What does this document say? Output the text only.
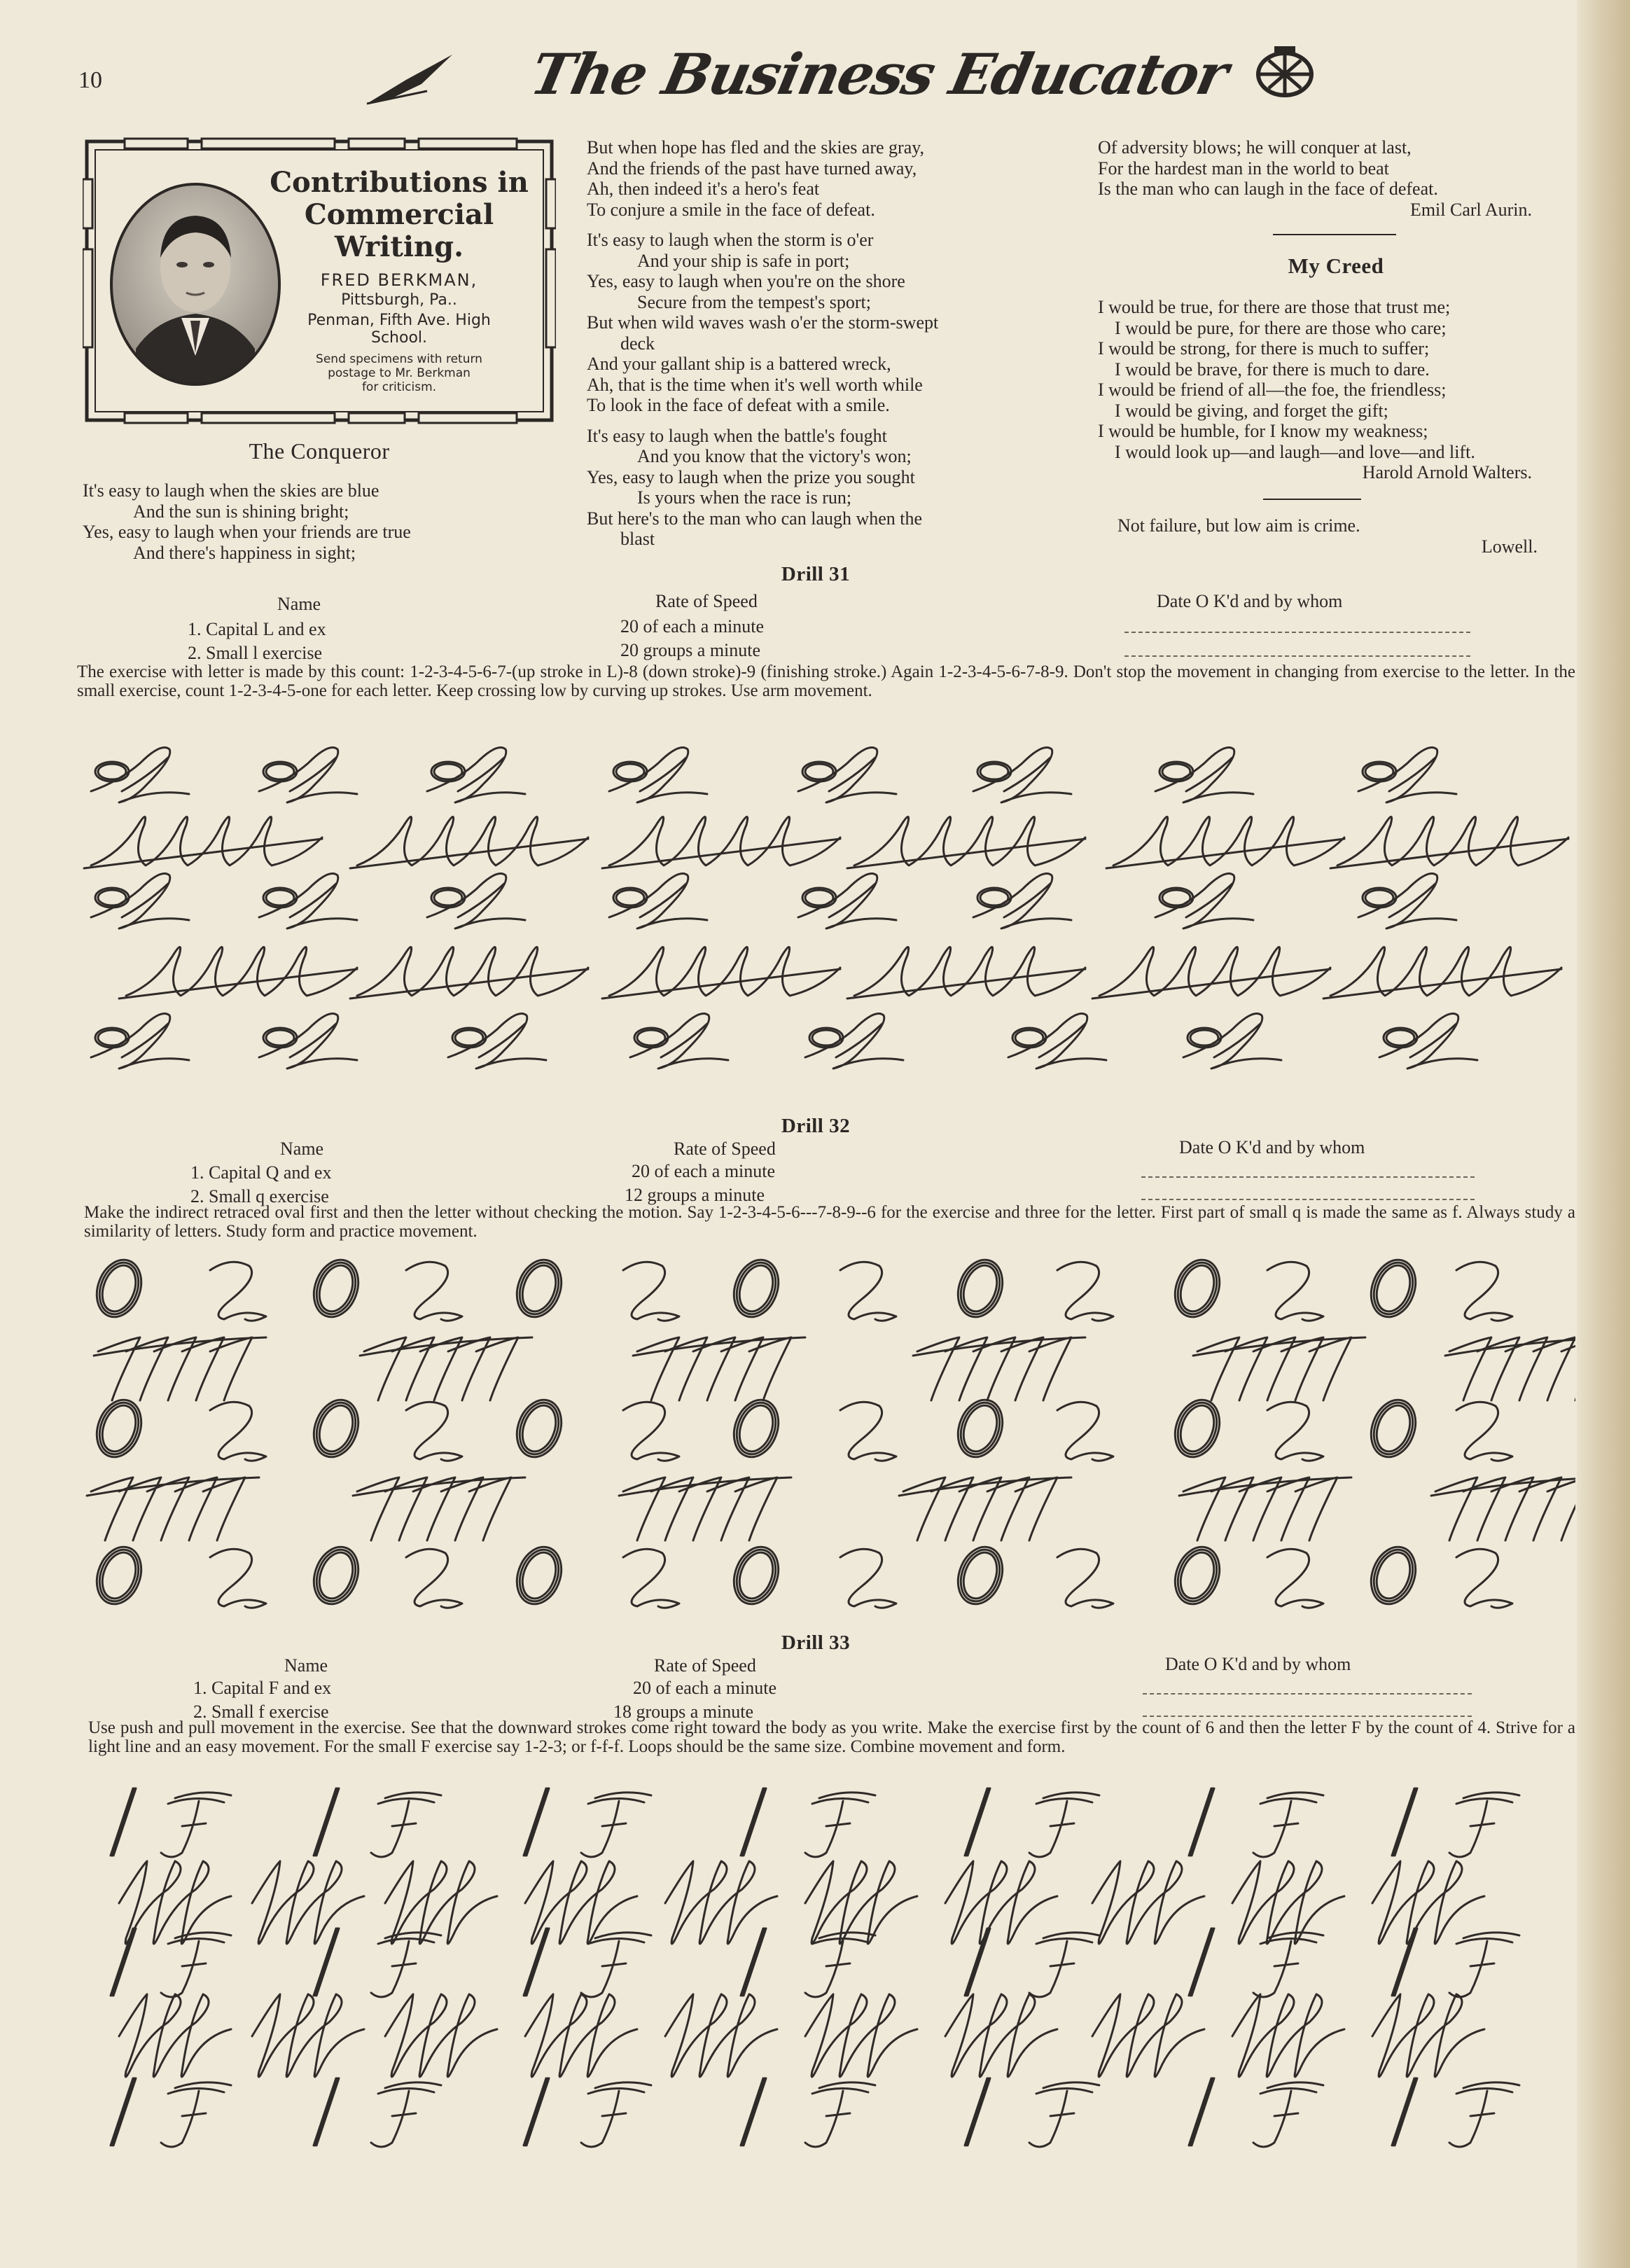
10	The Business Educator
Contributions in Commercial Writing.
FRED BERKMAN,
Pittsburgh, Pa..
Penman, Fifth Ave. High
School.
Send specimens with return
postage to Mr. Berkman
for criticism.
The Conqueror
It's easy to laugh when the skies are blue
And the sun is shining bright;
Yes, easy to laugh when your friends are true
And there's happiness in sight;

But when hope has fled and the skies are gray,
And the friends of the past have turned away,
Ah, then indeed it's a hero's feat
To conjure a smile in the face of defeat.

It's easy to laugh when the storm is o'er
And your ship is safe in port;
Yes, easy to laugh when you're on the shore
Secure from the tempest's sport;
But when wild waves wash o'er the storm-swept
deck
And your gallant ship is a battered wreck,
Ah, that is the time when it's well worth while
To look in the face of defeat with a smile.

It's easy to laugh when the battle's fought
And you know that the victory's won;
Yes, easy to laugh when the prize you sought
Is yours when the race is run;
But here's to the man who can laugh when the
blast

Of adversity blows; he will conquer at last,
For the hardest man in the world to beat
Is the man who can laugh in the face of defeat.
Emil Carl Aurin.
My Creed
I would be true, for there are those that trust me;
I would be pure, for there are those who care;
I would be strong, for there is much to suffer;
I would be brave, for there is much to dare.
I would be friend of all—the foe, the friendless;
I would be giving, and forget the gift;
I would be humble, for I know my weakness;
I would look up—and laugh—and love—and lift.
Harold Arnold Walters.
Not failure, but low aim is crime.
Lowell.
Drill 31
Name	Rate of Speed	Date O K'd and by whom
1. Capital L and ex	20 of each a minute
2. Small l exercise	20 groups a minute
The exercise with letter is made by this count: 1-2-3-4-5-6-7-(up stroke in L)-8 (down stroke)-9 (finishing stroke.) Again 1-2-3-4-5-6-7-8-9. Don't stop the movement in changing from exercise to the letter. In the small exercise, count 1-2-3-4-5-one for each letter. Keep crossing low by curving up strokes. Use arm movement.
Drill 32
Name	Rate of Speed	Date O K'd and by whom
1. Capital Q and ex	20 of each a minute
2. Small q exercise	12 groups a minute
Make the indirect retraced oval first and then the letter without checking the motion. Say 1-2-3-4-5-6---7-8-9--6 for the exercise and three for the letter. First part of small q is made the same as f. Always study a similarity of letters. Study form and practice movement.
Drill 33
Name	Rate of Speed	Date O K'd and by whom
1. Capital F and ex	20 of each a minute
2. Small f exercise	18 groups a minute
Use push and pull movement in the exercise. See that the downward strokes come right toward the body as you write. Make the exercise first by the count of 6 and then the letter F by the count of 4. Strive for a light line and an easy movement. For the small F exercise say 1-2-3; or f-f-f. Loops should be the same size. Combine movement and form.
